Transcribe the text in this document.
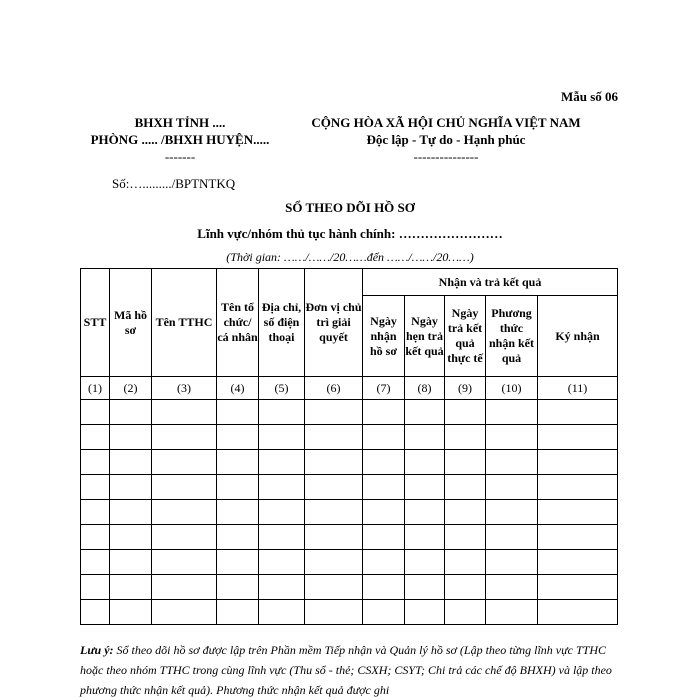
Mẫu số 06
BHXH TỈNH ....
PHÒNG ..... /BHXH HUYỆN.....
-------
CỘNG HÒA XÃ HỘI CHỦ NGHĨA VIỆT NAM
Độc lập - Tự do - Hạnh phúc
---------------
Số:…........./BPTNTKQ
SỔ THEO DÕI HỒ SƠ
Lĩnh vực/nhóm thủ tục hành chính: ……………………
(Thời gian: ……/……/20……đến ……/……/20……)
STT	Mã hồ sơ	Tên TTHC	Tên tổ chức/ cá nhân	Địa chỉ, số điện thoại	Đơn vị chủ trì giải quyết	Nhận và trả kết quả				
						Ngày nhận hồ sơ	Ngày hẹn trả kết quả	Ngày trả kết quả thực tế	Phương thức nhận kết quả	Ký nhận
(1)	(2)	(3)	(4)	(5)	(6)	(7)	(8)	(9)	(10)	(11)

Lưu ý: Sổ theo dõi hồ sơ được lập trên Phần mềm Tiếp nhận và Quản lý hồ sơ (Lập theo từng lĩnh vực TTHC hoặc theo nhóm TTHC trong cùng lĩnh vực (Thu sổ - thẻ; CSXH; CSYT; Chi trả các chế độ BHXH) và lập theo phương thức nhận kết quả). Phương thức nhận kết quả được ghi
